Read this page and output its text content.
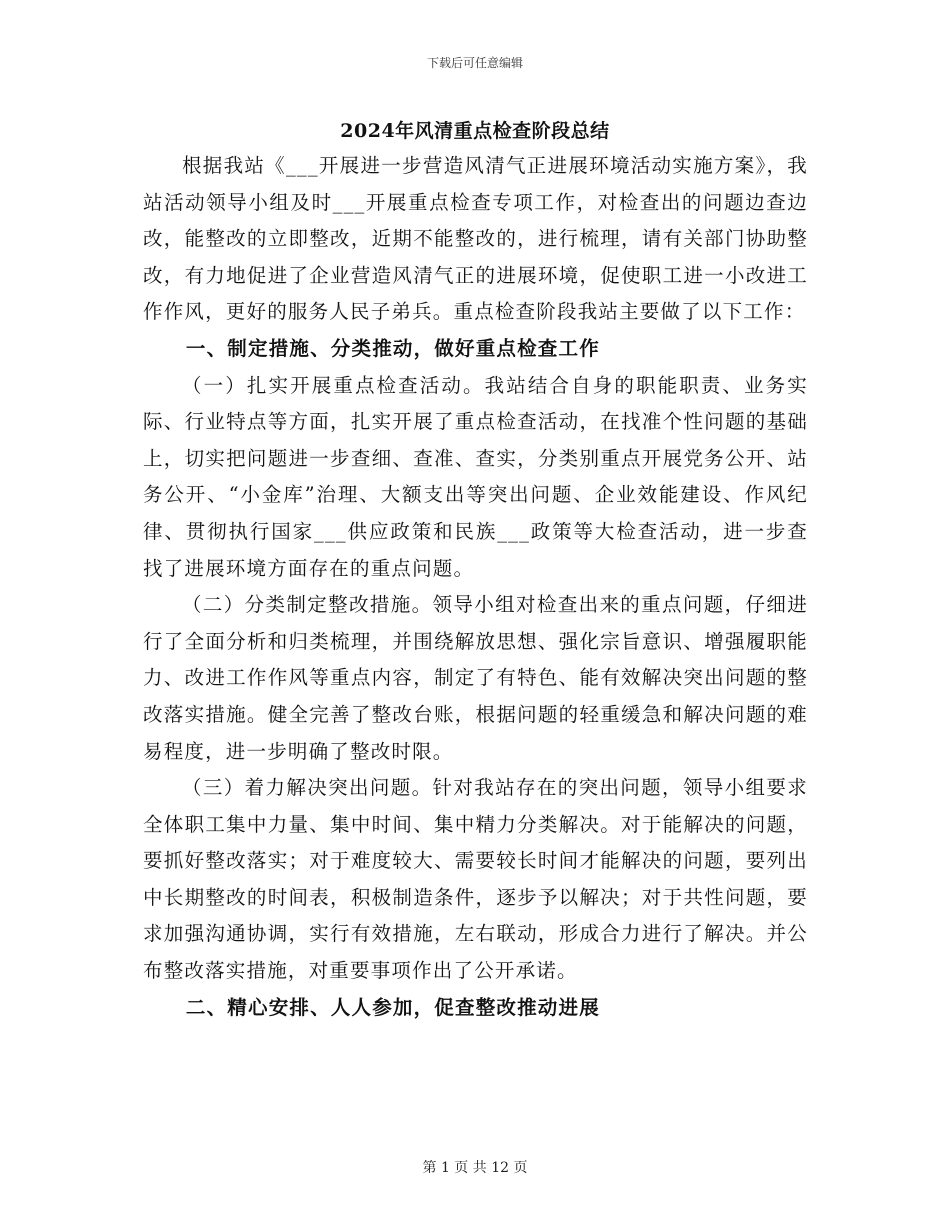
下载后可任意编辑
2024年风清重点检查阶段总结

根据我站《___开展进一步营造风清气正进展环境活动实施方案》，我站活动领导小组及时___开展重点检查专项工作，对检查出的问题边查边改，能整改的立即整改，近期不能整改的，进行梳理，请有关部门协助整改，有力地促进了企业营造风清气正的进展环境，促使职工进一小改进工作作风，更好的服务人民子弟兵。重点检查阶段我站主要做了以下工作：

一、制定措施、分类推动，做好重点检查工作

（一）扎实开展重点检查活动。我站结合自身的职能职责、业务实际、行业特点等方面，扎实开展了重点检查活动，在找准个性问题的基础上，切实把问题进一步查细、查准、查实，分类别重点开展党务公开、站务公开、“小金库”治理、大额支出等突出问题、企业效能建设、作风纪律、贯彻执行国家___供应政策和民族___政策等大检查活动，进一步查找了进展环境方面存在的重点问题。

（二）分类制定整改措施。领导小组对检查出来的重点问题，仔细进行了全面分析和归类梳理，并围绕解放思想、强化宗旨意识、增强履职能力、改进工作作风等重点内容，制定了有特色、能有效解决突出问题的整改落实措施。健全完善了整改台账，根据问题的轻重缓急和解决问题的难易程度，进一步明确了整改时限。

（三）着力解决突出问题。针对我站存在的突出问题，领导小组要求全体职工集中力量、集中时间、集中精力分类解决。对于能解决的问题，要抓好整改落实；对于难度较大、需要较长时间才能解决的问题，要列出中长期整改的时间表，积极制造条件，逐步予以解决；对于共性问题，要求加强沟通协调，实行有效措施，左右联动，形成合力进行了解决。并公布整改落实措施，对重要事项作出了公开承诺。

二、精心安排、人人参加，促查整改推动进展

第 1 页 共 12 页
